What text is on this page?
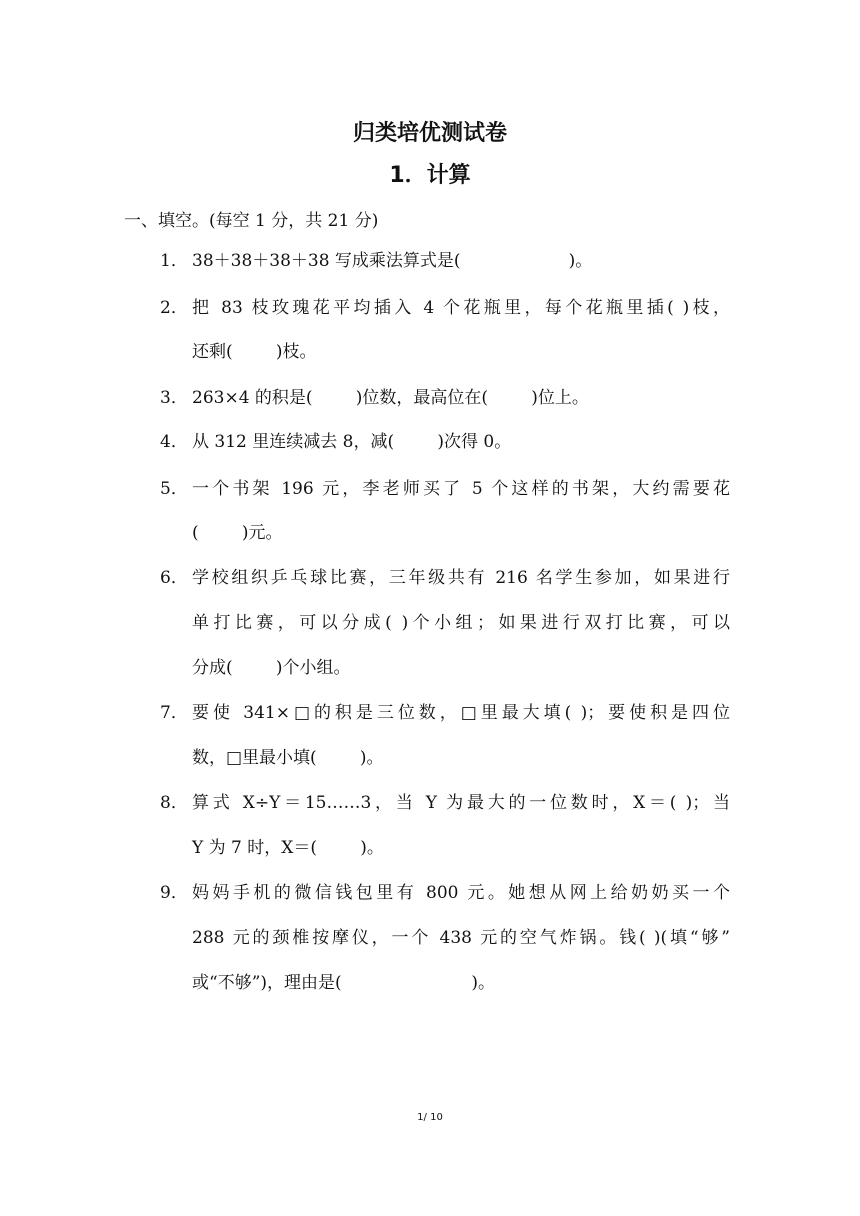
归类培优测试卷
1．计算
一、填空。(每空 1 分，共 21 分)
1． 38＋38＋38＋38 写成乘法算式是(                    )。
2． 把 83 枝玫瑰花平均插入 4 个花瓶里，每个花瓶里插( )枝，
还剩(        )枝。
3． 263×4 的积是(        )位数，最高位在(        )位上。
4． 从 312 里连续减去 8，减(        )次得 0。
5．一个书架 196 元，李老师买了 5 个这样的书架，大约需要花
(        )元。
6． 学校组织乒乓球比赛，三年级共有 216 名学生参加，如果进行
单打比赛，可以分成( )个小组；如果进行双打比赛，可以
分成(        )个小组。
7． 要使 341×□的积是三位数，□里最大填( )；要使积是四位
数，□里最小填(        )。
8． 算式 X÷Y＝15……3，当 Y 为最大的一位数时，X＝( )；当
Y 为 7 时，X＝(        )。
9． 妈妈手机的微信钱包里有 800 元。她想从网上给奶奶买一个
288 元的颈椎按摩仪，一个 438 元的空气炸锅。钱( )(填“够”
或“不够”)，理由是(                        )。
1/ 10
